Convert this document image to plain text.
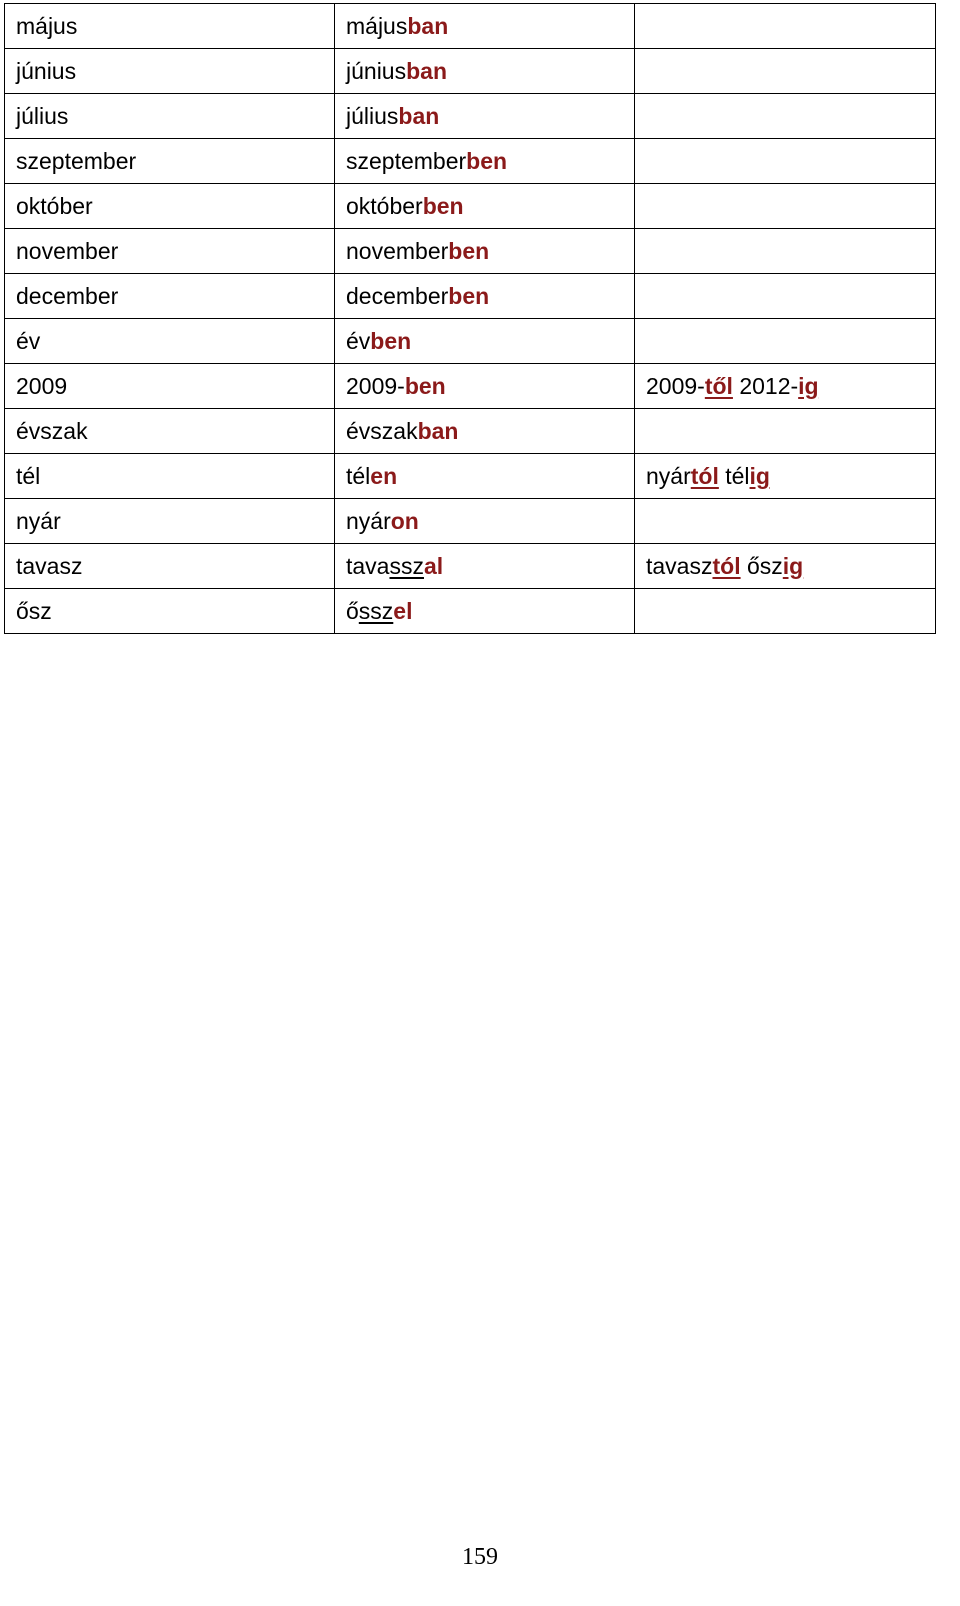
május	májusban	
június	júniusban	
július	júliusban	
szeptember	szeptemberben	
október	októberben	
november	novemberben	
december	decemberben	
év	évben	
2009	2009-ben	2009-től 2012-ig
évszak	évszakban	
tél	télen	nyártól télig
nyár	nyáron	
tavasz	tavasszal	tavasztól őszig
ősz	ősszel	
159
